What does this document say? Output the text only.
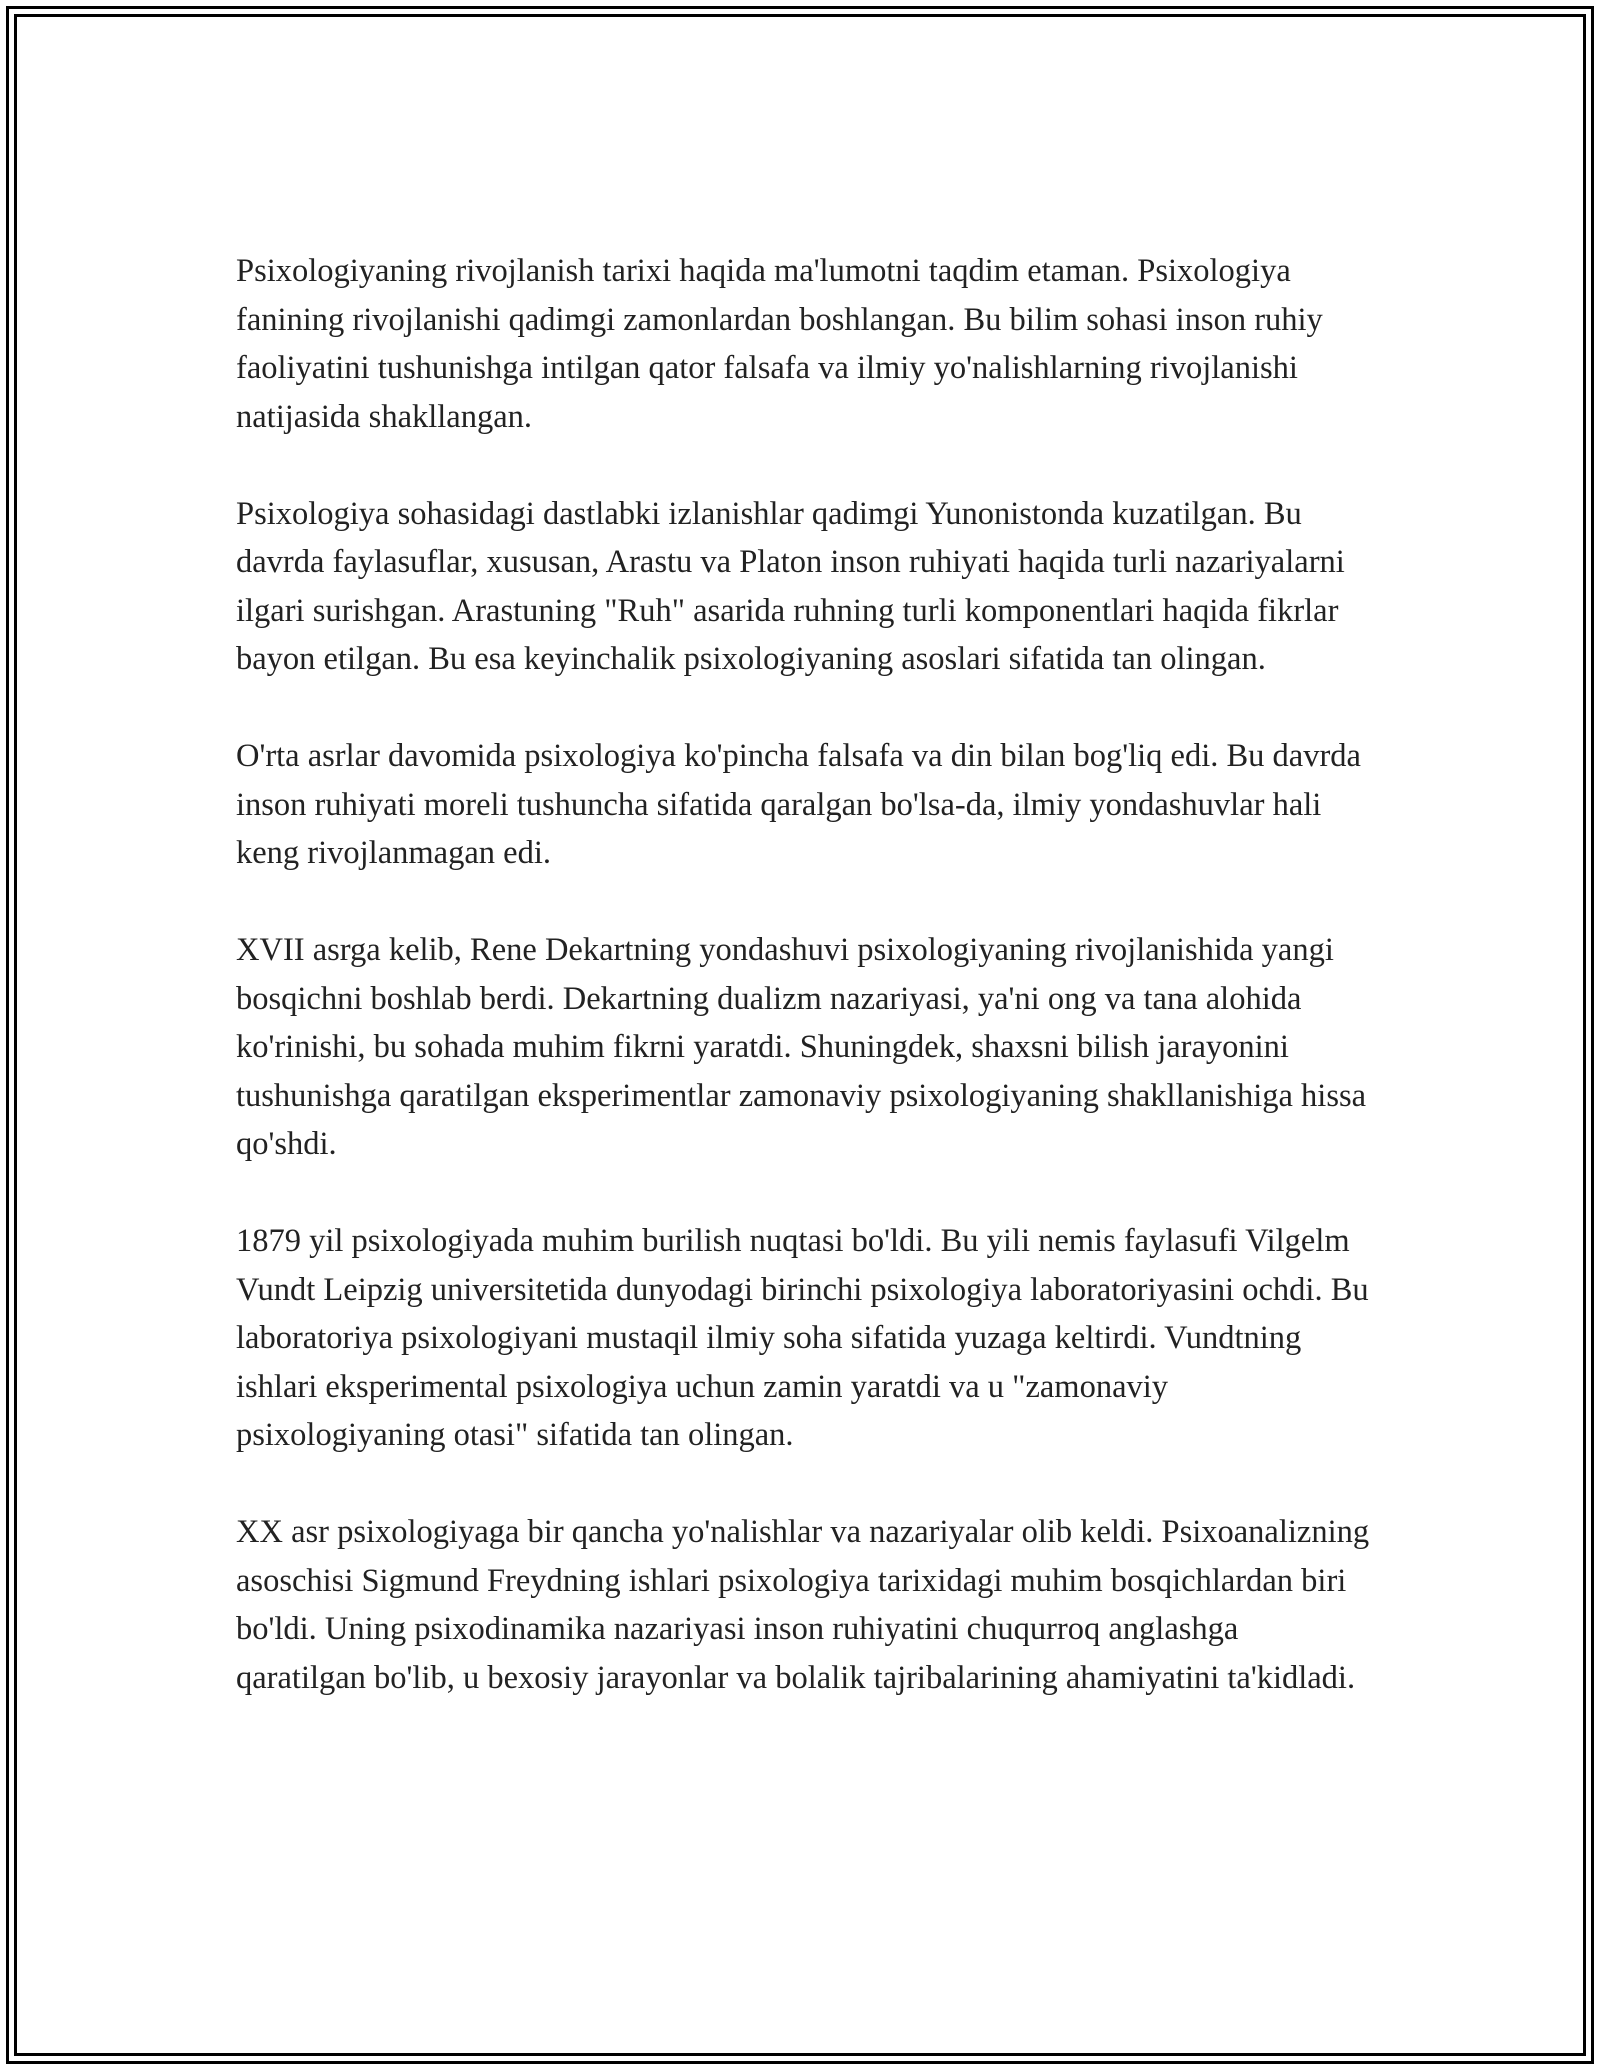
Psixologiyaning rivojlanish tarixi haqida ma'lumotni taqdim etaman. Psixologiya fanining rivojlanishi qadimgi zamonlardan boshlangan. Bu bilim sohasi inson ruhiy faoliyatini tushunishga intilgan qator falsafa va ilmiy yo'nalishlarning rivojlanishi natijasida shakllangan.

Psixologiya sohasidagi dastlabki izlanishlar qadimgi Yunonistonda kuzatilgan. Bu davrda faylasuflar, xususan, Arastu va Platon inson ruhiyati haqida turli nazariyalarni ilgari surishgan. Arastuning "Ruh" asarida ruhning turli komponentlari haqida fikrlar bayon etilgan. Bu esa keyinchalik psixologiyaning asoslari sifatida tan olingan.

O'rta asrlar davomida psixologiya ko'pincha falsafa va din bilan bog'liq edi. Bu davrda inson ruhiyati moreli tushuncha sifatida qaralgan bo'lsa-da, ilmiy yondashuvlar hali keng rivojlanmagan edi.

XVII asrga kelib, Rene Dekartning yondashuvi psixologiyaning rivojlanishida yangi bosqichni boshlab berdi. Dekartning dualizm nazariyasi, ya'ni ong va tana alohida ko'rinishi, bu sohada muhim fikrni yaratdi. Shuningdek, shaxsni bilish jarayonini tushunishga qaratilgan eksperimentlar zamonaviy psixologiyaning shakllanishiga hissa qo'shdi.

1879 yil psixologiyada muhim burilish nuqtasi bo'ldi. Bu yili nemis faylasufi Vilgelm Vundt Leipzig universitetida dunyodagi birinchi psixologiya laboratoriyasini ochdi. Bu laboratoriya psixologiyani mustaqil ilmiy soha sifatida yuzaga keltirdi. Vundtning ishlari eksperimental psixologiya uchun zamin yaratdi va u "zamonaviy psixologiyaning otasi" sifatida tan olingan.

XX asr psixologiyaga bir qancha yo'nalishlar va nazariyalar olib keldi. Psixoanalizning asoschisi Sigmund Freydning ishlari psixologiya tarixidagi muhim bosqichlardan biri bo'ldi. Uning psixodinamika nazariyasi inson ruhiyatini chuqurroq anglashga qaratilgan bo'lib, u bexosiy jarayonlar va bolalik tajribalarining ahamiyatini ta'kidladi.
